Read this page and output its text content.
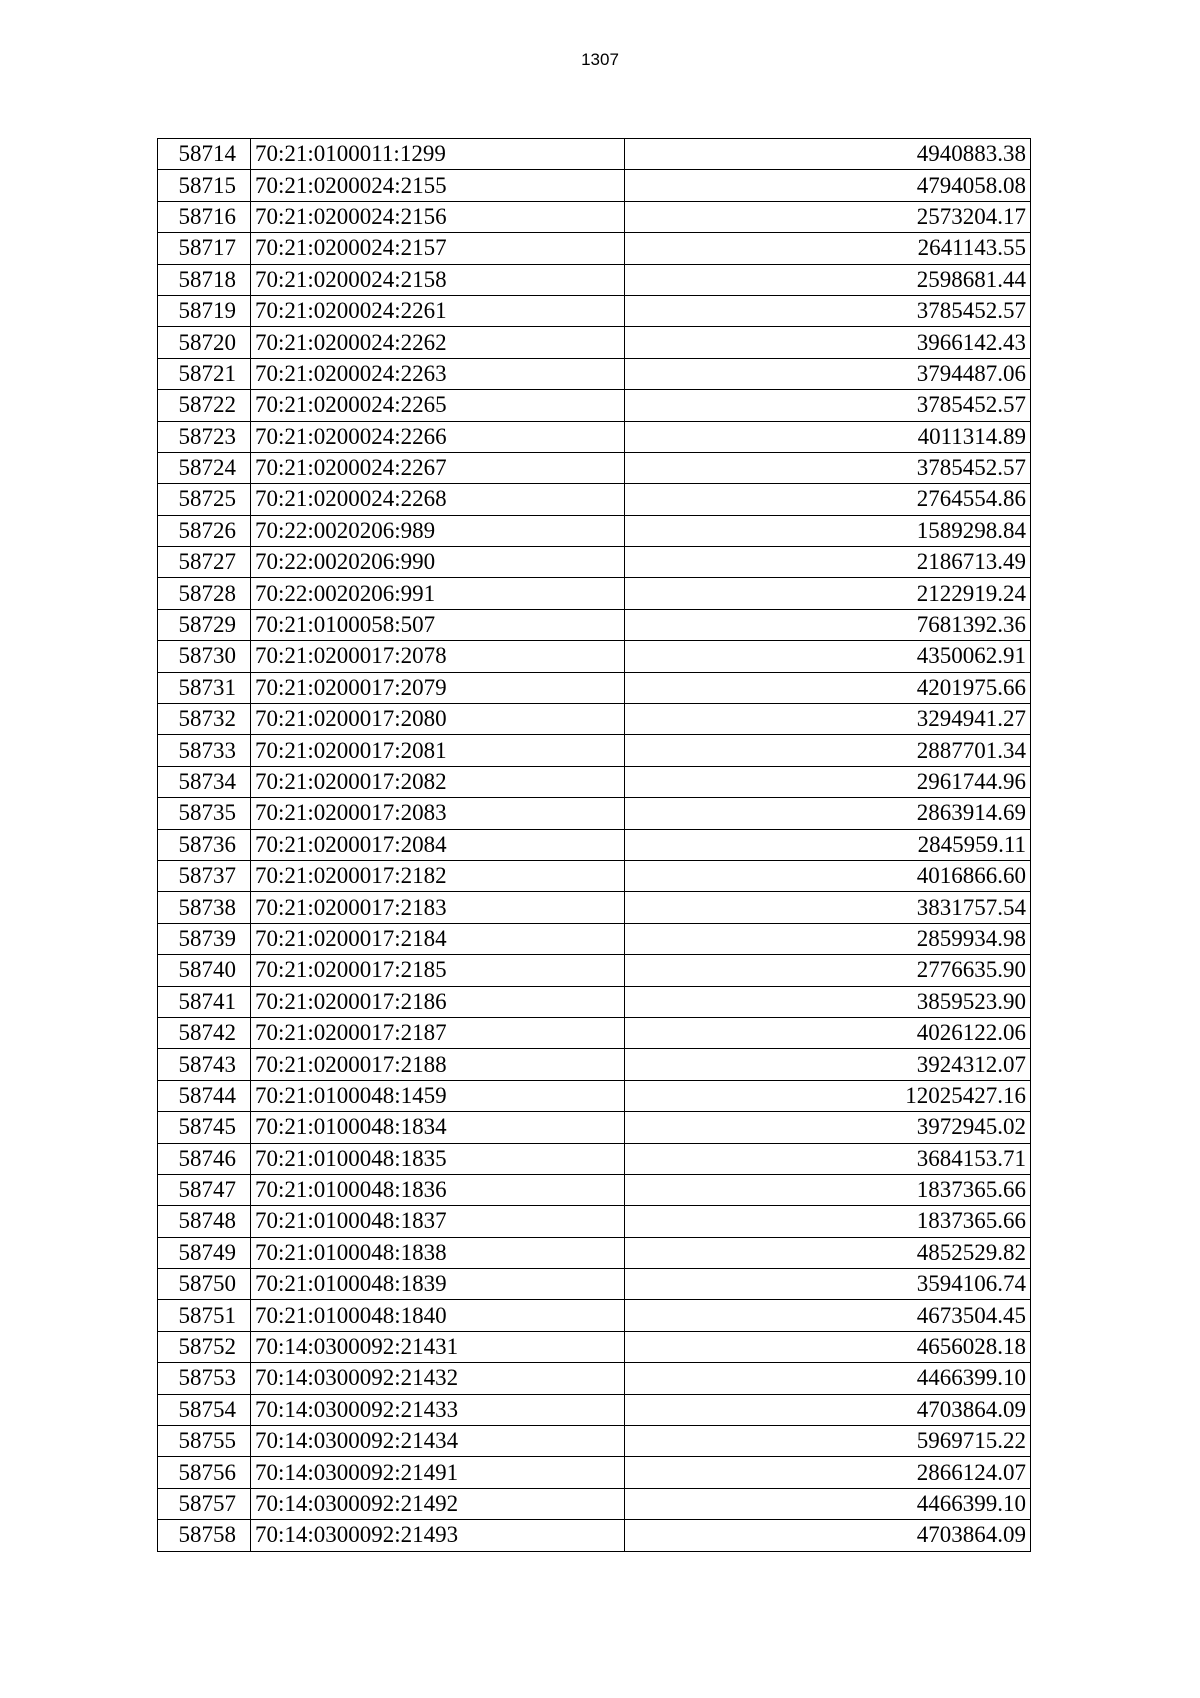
1307
58714	70:21:0100011:1299	4940883.38
58715	70:21:0200024:2155	4794058.08
58716	70:21:0200024:2156	2573204.17
58717	70:21:0200024:2157	2641143.55
58718	70:21:0200024:2158	2598681.44
58719	70:21:0200024:2261	3785452.57
58720	70:21:0200024:2262	3966142.43
58721	70:21:0200024:2263	3794487.06
58722	70:21:0200024:2265	3785452.57
58723	70:21:0200024:2266	4011314.89
58724	70:21:0200024:2267	3785452.57
58725	70:21:0200024:2268	2764554.86
58726	70:22:0020206:989	1589298.84
58727	70:22:0020206:990	2186713.49
58728	70:22:0020206:991	2122919.24
58729	70:21:0100058:507	7681392.36
58730	70:21:0200017:2078	4350062.91
58731	70:21:0200017:2079	4201975.66
58732	70:21:0200017:2080	3294941.27
58733	70:21:0200017:2081	2887701.34
58734	70:21:0200017:2082	2961744.96
58735	70:21:0200017:2083	2863914.69
58736	70:21:0200017:2084	2845959.11
58737	70:21:0200017:2182	4016866.60
58738	70:21:0200017:2183	3831757.54
58739	70:21:0200017:2184	2859934.98
58740	70:21:0200017:2185	2776635.90
58741	70:21:0200017:2186	3859523.90
58742	70:21:0200017:2187	4026122.06
58743	70:21:0200017:2188	3924312.07
58744	70:21:0100048:1459	12025427.16
58745	70:21:0100048:1834	3972945.02
58746	70:21:0100048:1835	3684153.71
58747	70:21:0100048:1836	1837365.66
58748	70:21:0100048:1837	1837365.66
58749	70:21:0100048:1838	4852529.82
58750	70:21:0100048:1839	3594106.74
58751	70:21:0100048:1840	4673504.45
58752	70:14:0300092:21431	4656028.18
58753	70:14:0300092:21432	4466399.10
58754	70:14:0300092:21433	4703864.09
58755	70:14:0300092:21434	5969715.22
58756	70:14:0300092:21491	2866124.07
58757	70:14:0300092:21492	4466399.10
58758	70:14:0300092:21493	4703864.09
